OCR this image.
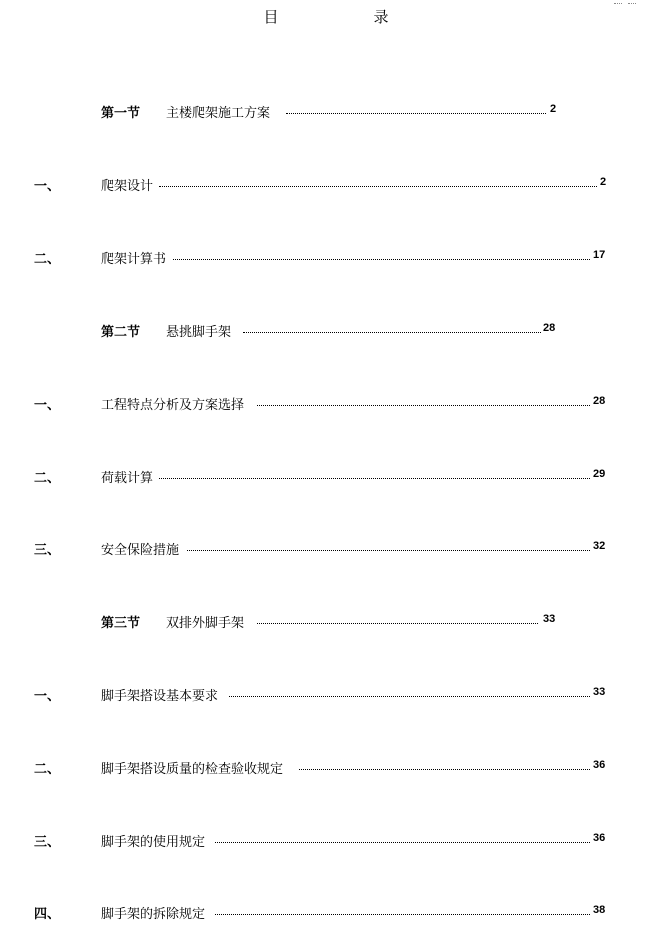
目　录
第一节 主楼爬架施工方案	2
一、	爬架设计	2
二、	爬架计算书	17
第二节 悬挑脚手架	28
一、	工程特点分析及方案选择	28
二、	荷载计算	29
三、	安全保险措施	32
第三节 双排外脚手架	33
一、	脚手架搭设基本要求	33
二、	脚手架搭设质量的检查验收规定	36
三、	脚手架的使用规定	36
四、	脚手架的拆除规定	38
